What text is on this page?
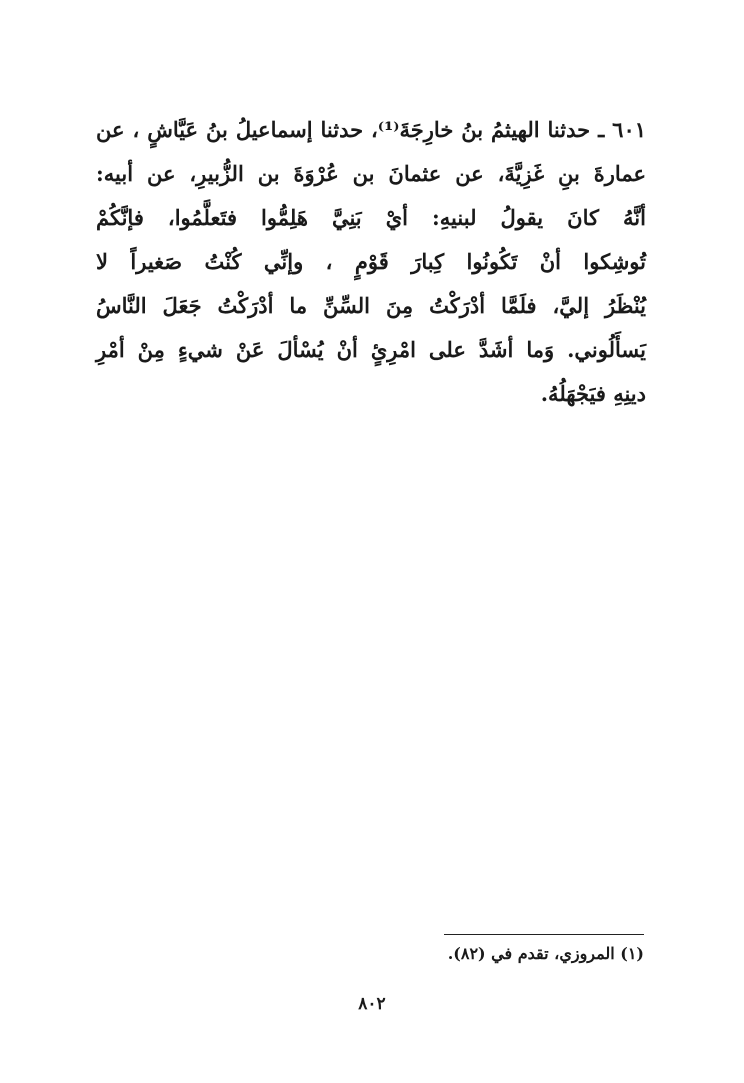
٦٠١ ـ حدثنا الهيثمُ بنُ خارِجَةَ⁽¹⁾، حدثنا إسماعيلُ بنُ عَيَّاشٍ ، عن
عمارةَ بنِ غَزِيَّةَ، عن عثمانَ بن عُرْوَةَ بن الزُّبيرِ، عن أبيه:
أنَّهُ كانَ يقولُ لبنيهِ: أيْ بَنِيَّ هَلِمُّوا فتَعلَّمُوا، فإنَّكُمْ
تُوشِكوا أنْ تَكُونُوا كِبارَ قَوْمٍ ، وإنِّي كُنْتُ صَغيراً لا
يُنْظَرُ إليَّ، فلَمَّا أدْرَكْتُ مِنَ السِّنِّ ما أدْرَكْتُ جَعَلَ النَّاسُ
يَسأَلُوني. وَما أشَدَّ على امْرِئٍ أنْ يُسْألَ عَنْ شيءٍ مِنْ أمْرِ
دينِهِ فيَجْهَلُهُ.
(١) المروزي، تقدم في (٨٢).
٨٠٢
